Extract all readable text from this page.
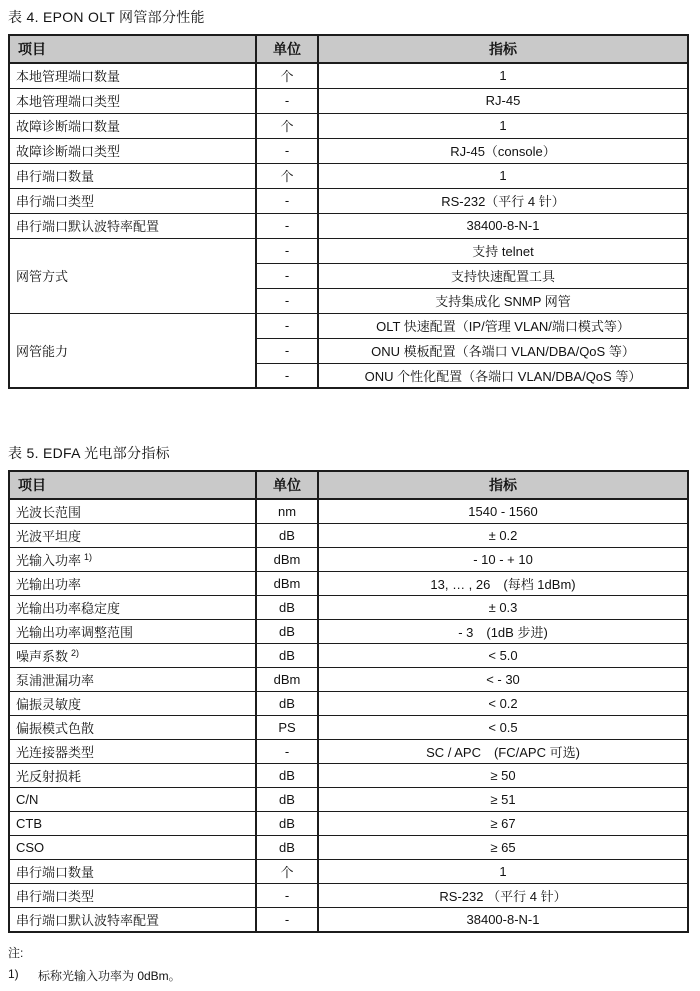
表 4. EPON OLT 网管部分性能
项目	单位	指标
本地管理端口数量	个	1
本地管理端口类型	-	RJ-45
故障诊断端口数量	个	1
故障诊断端口类型	-	RJ-45（console）
串行端口数量	个	1
串行端口类型	-	RS-232（平行 4 针）
串行端口默认波特率配置	-	38400-8-N-1
网管方式	-	支持 telnet
	-	支持快速配置工具
	-	支持集成化 SNMP 网管
网管能力	-	OLT 快速配置（IP/管理 VLAN/端口模式等）
	-	ONU 模板配置（各端口 VLAN/DBA/QoS 等）
	-	ONU 个性化配置（各端口 VLAN/DBA/QoS 等）
表 5. EDFA 光电部分指标
项目	单位	指标
光波长范围	nm	1540 - 1560
光波平坦度	dB	± 0.2
光输入功率 $^{1)}$	dBm	- 10 - + 10
光输出功率	dBm	13, … , 26　(每档 1dBm)
光输出功率稳定度	dB	± 0.3
光输出功率调整范围	dB	- 3　(1dB 步进)
噪声系数 $^{2)}$	dB	< 5.0
泵浦泄漏功率	dBm	< - 30
偏振灵敏度	dB	< 0.2
偏振模式色散	PS	< 0.5
光连接器类型	-	SC / APC　(FC/APC 可选)
光反射损耗	dB	≥ 50
C/N	dB	≥ 51
CTB	dB	≥ 67
CSO	dB	≥ 65
串行端口数量	个	1
串行端口类型	-	RS-232 （平行 4 针）
串行端口默认波特率配置	-	38400-8-N-1
注:
1)	标称光输入功率为 0dBm。
